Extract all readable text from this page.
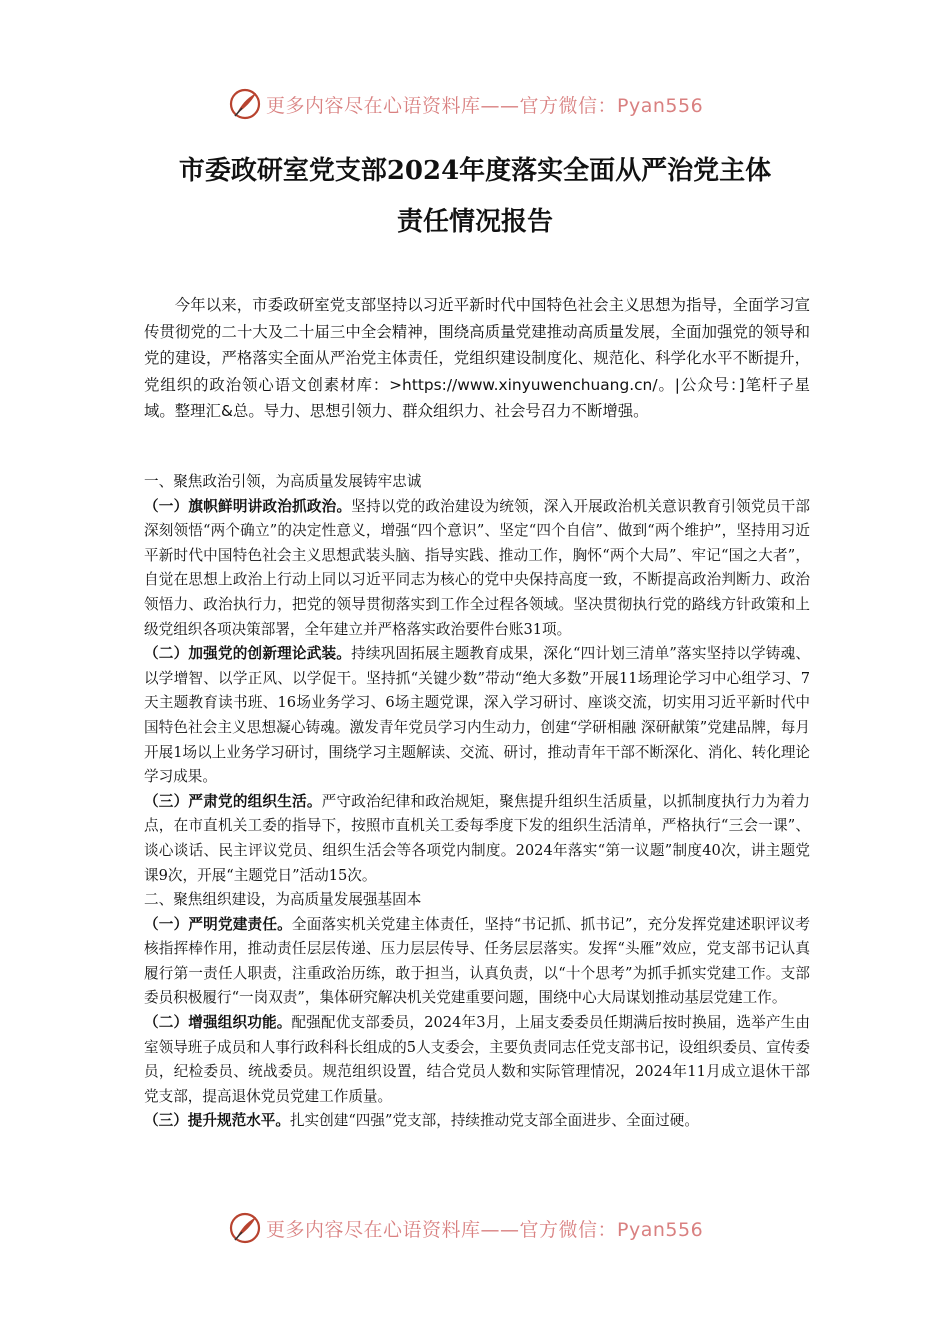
更多内容尽在心语资料库——官方微信：Pyan556
市委政研室党支部2024年度落实全面从严治党主体
责任情况报告
今年以来，市委政研室党支部坚持以习近平新时代中国特色社会主义思想为指导，全面学习宣传贯彻党的二十大及二十届三中全会精神，围绕高质量党建推动高质量发展，全面加强党的领导和党的建设，严格落实全面从严治党主体责任，党组织建设制度化、规范化、科学化水平不断提升，党组织的政治领心语文创素材库：>https://www.xinyuwenchuang.cn/。|公众号：]笔杆子星域。整理汇&总。导力、思想引领力、群众组织力、社会号召力不断增强。

一、聚焦政治引领，为高质量发展铸牢忠诚

（一）旗帜鲜明讲政治抓政治。坚持以党的政治建设为统领，深入开展政治机关意识教育引领党员干部深刻领悟“两个确立”的决定性意义，增强“四个意识”、坚定“四个自信”、做到“两个维护”，坚持用习近平新时代中国特色社会主义思想武装头脑、指导实践、推动工作，胸怀“两个大局”、牢记“国之大者”，自觉在思想上政治上行动上同以习近平同志为核心的党中央保持高度一致，不断提高政治判断力、政治领悟力、政治执行力，把党的领导贯彻落实到工作全过程各领域。坚决贯彻执行党的路线方针政策和上级党组织各项决策部署，全年建立并严格落实政治要件台账31项。

（二）加强党的创新理论武装。持续巩固拓展主题教育成果，深化“四计划三清单”落实坚持以学铸魂、以学增智、以学正风、以学促干。坚持抓“关键少数”带动“绝大多数”开展11场理论学习中心组学习、7天主题教育读书班、16场业务学习、6场主题党课，深入学习研讨、座谈交流，切实用习近平新时代中国特色社会主义思想凝心铸魂。激发青年党员学习内生动力，创建“学研相融 深研献策”党建品牌，每月开展1场以上业务学习研讨，围绕学习主题解读、交流、研讨，推动青年干部不断深化、消化、转化理论学习成果。

（三）严肃党的组织生活。严守政治纪律和政治规矩，聚焦提升组织生活质量，以抓制度执行力为着力点，在市直机关工委的指导下，按照市直机关工委每季度下发的组织生活清单，严格执行“三会一课”、谈心谈话、民主评议党员、组织生活会等各项党内制度。2024年落实“第一议题”制度40次，讲主题党课9次，开展“主题党日”活动15次。

二、聚焦组织建设，为高质量发展强基固本

（一）严明党建责任。全面落实机关党建主体责任，坚持“书记抓、抓书记”，充分发挥党建述职评议考核指挥棒作用，推动责任层层传递、压力层层传导、任务层层落实。发挥“头雁”效应，党支部书记认真履行第一责任人职责，注重政治历练，敢于担当，认真负责，以“十个思考”为抓手抓实党建工作。支部委员积极履行“一岗双责”，集体研究解决机关党建重要问题，围绕中心大局谋划推动基层党建工作。

（二）增强组织功能。配强配优支部委员，2024年3月，上届支委委员任期满后按时换届，选举产生由室领导班子成员和人事行政科科长组成的5人支委会，主要负责同志任党支部书记，设组织委员、宣传委员，纪检委员、统战委员。规范组织设置，结合党员人数和实际管理情况，2024年11月成立退休干部党支部，提高退休党员党建工作质量。

（三）提升规范水平。扎实创建“四强”党支部，持续推动党支部全面进步、全面过硬。

更多内容尽在心语资料库——官方微信：Pyan556
